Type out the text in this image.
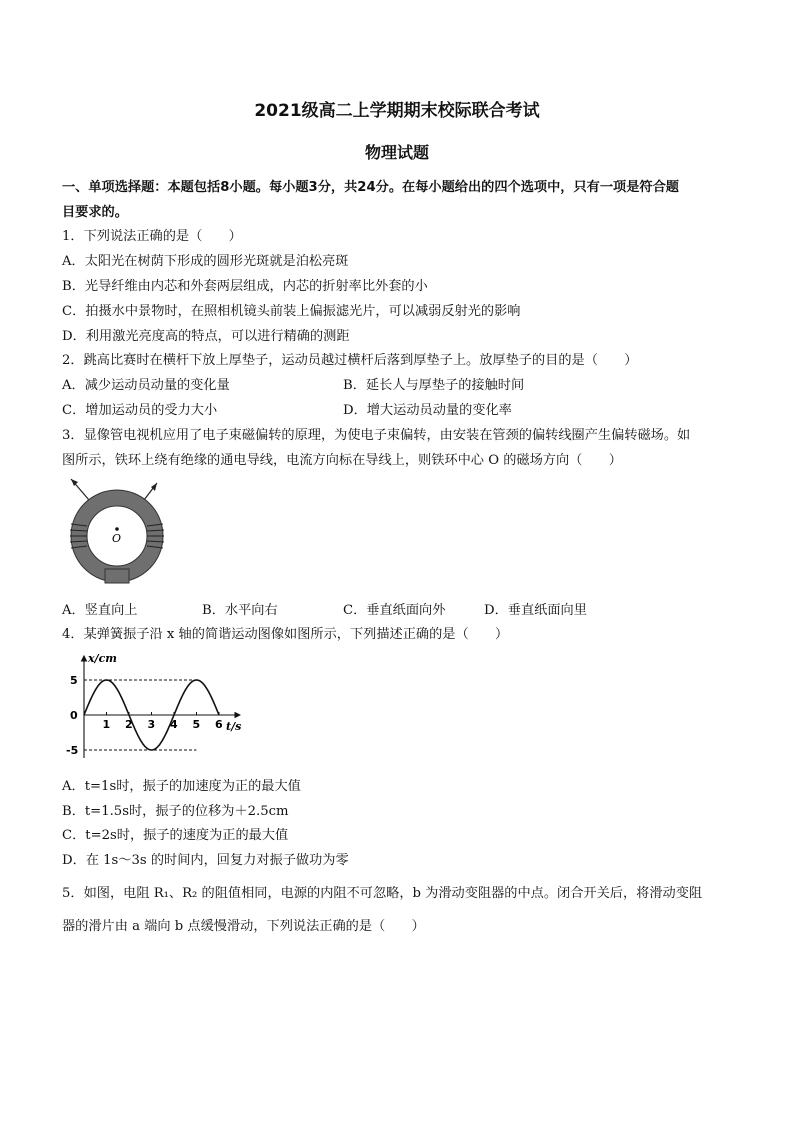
2021级高二上学期期末校际联合考试
物理试题
一、单项选择题：本题包括8小题。每小题3分，共24分。在每小题给出的四个选项中，只有一项是符合题
目要求的。
1．下列说法正确的是（　　）
A．太阳光在树荫下形成的圆形光斑就是泊松亮斑
B．光导纤维由内芯和外套两层组成，内芯的折射率比外套的小
C．拍摄水中景物时，在照相机镜头前装上偏振滤光片，可以减弱反射光的影响
D．利用激光亮度高的特点，可以进行精确的测距
2．跳高比赛时在横杆下放上厚垫子，运动员越过横杆后落到厚垫子上。放厚垫子的目的是（　　）
A．减少运动员动量的变化量	B．延长人与厚垫子的接触时间
C．增加运动员的受力大小	D．增大运动员动量的变化率
3．显像管电视机应用了电子束磁偏转的原理，为使电子束偏转，由安装在管颈的偏转线圈产生偏转磁场。如
图所示，铁环上绕有绝缘的通电导线，电流方向标在导线上，则铁环中心 O 的磁场方向（　　）
O
A．竖直向上	B．水平向右	C．垂直纸面向外	D．垂直纸面向里
4．某弹簧振子沿 x 轴的简谐运动图像如图所示，下列描述正确的是（　　）
x/cm
t/s
1 2 3 4 5 6
5
0
-5
A．t=1s时，振子的加速度为正的最大值
B．t=1.5s时，振子的位移为＋2.5cm
C．t=2s时，振子的速度为正的最大值
D．在 1s～3s 的时间内，回复力对振子做功为零
5．如图，电阻 R₁、R₂ 的阻值相同，电源的内阻不可忽略，b 为滑动变阻器的中点。闭合开关后，将滑动变阻
器的滑片由 a 端向 b 点缓慢滑动，下列说法正确的是（　　）
